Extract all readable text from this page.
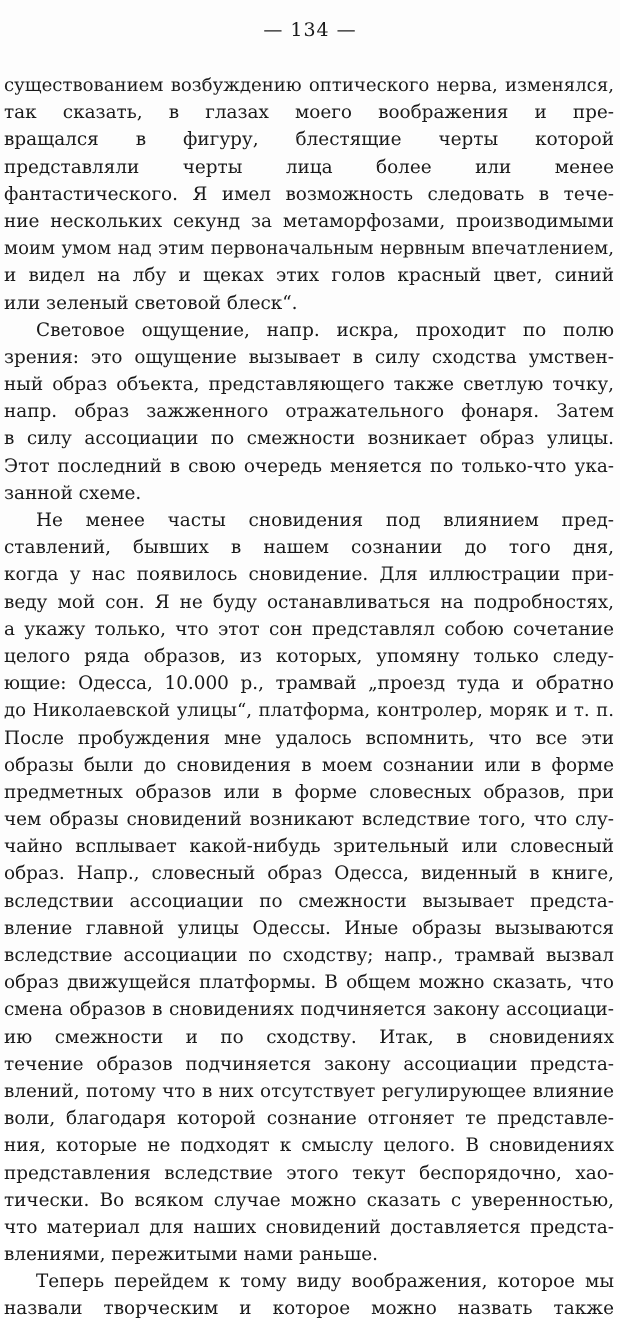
— 134 —
существованием возбуждению оптического нерва, изменялся,
так сказать, в глазах моего воображения и пре-
вращался в фигуру, блестящие черты которой
представляли черты лица более или менее
фантастического. Я имел возможность следовать в тече-
ние нескольких секунд за метаморфозами, производимыми
моим умом над этим первоначальным нервным впечатлением,
и видел на лбу и щеках этих голов красный цвет, синий
или зеленый световой блеск“.
Световое ощущение, напр. искра, проходит по полю
зрения: это ощущение вызывает в силу сходства умствен-
ный образ объекта, представляющего также светлую точку,
напр. образ зажженного отражательного фонаря. Затем
в силу ассоциации по смежности возникает образ улицы.
Этот последний в свою очередь меняется по только-что ука-
занной схеме.
Не менее часты сновидения под влиянием пред-
ставлений, бывших в нашем сознании до того дня,
когда у нас появилось сновидение. Для иллюстрации при-
веду мой сон. Я не буду останавливаться на подробностях,
а укажу только, что этот сон представлял собою сочетание
целого ряда образов, из которых, упомяну только следу-
ющие: Одесса, 10.000 р., трамвай „проезд туда и обратно
до Николаевской улицы“, платформа, контролер, моряк и т. п.
После пробуждения мне удалось вспомнить, что все эти
образы были до сновидения в моем сознании или в форме
предметных образов или в форме словесных образов, при
чем образы сновидений возникают вследствие того, что слу-
чайно всплывает какой-нибудь зрительный или словесный
образ. Напр., словесный образ Одесса, виденный в книге,
вследствии ассоциации по смежности вызывает предста-
вление главной улицы Одессы. Иные образы вызываются
вследствие ассоциации по сходству; напр., трамвай вызвал
образ движущейся платформы. В общем можно сказать, что
смена образов в сновидениях подчиняется закону ассоциаци-
ию смежности и по сходству. Итак, в сновидениях
течение образов подчиняется закону ассоциации предста-
влений, потому что в них отсутствует регулирующее влияние
воли, благодаря которой сознание отгоняет те представле-
ния, которые не подходят к смыслу целого. В сновидениях
представления вследствие этого текут беспорядочно, хао-
тически. Во всяком случае можно сказать с уверенностью,
что материал для наших сновидений доставляется предста-
влениями, пережитыми нами раньше.
Теперь перейдем к тому виду воображения, которое мы
назвали творческим и которое можно назвать также
